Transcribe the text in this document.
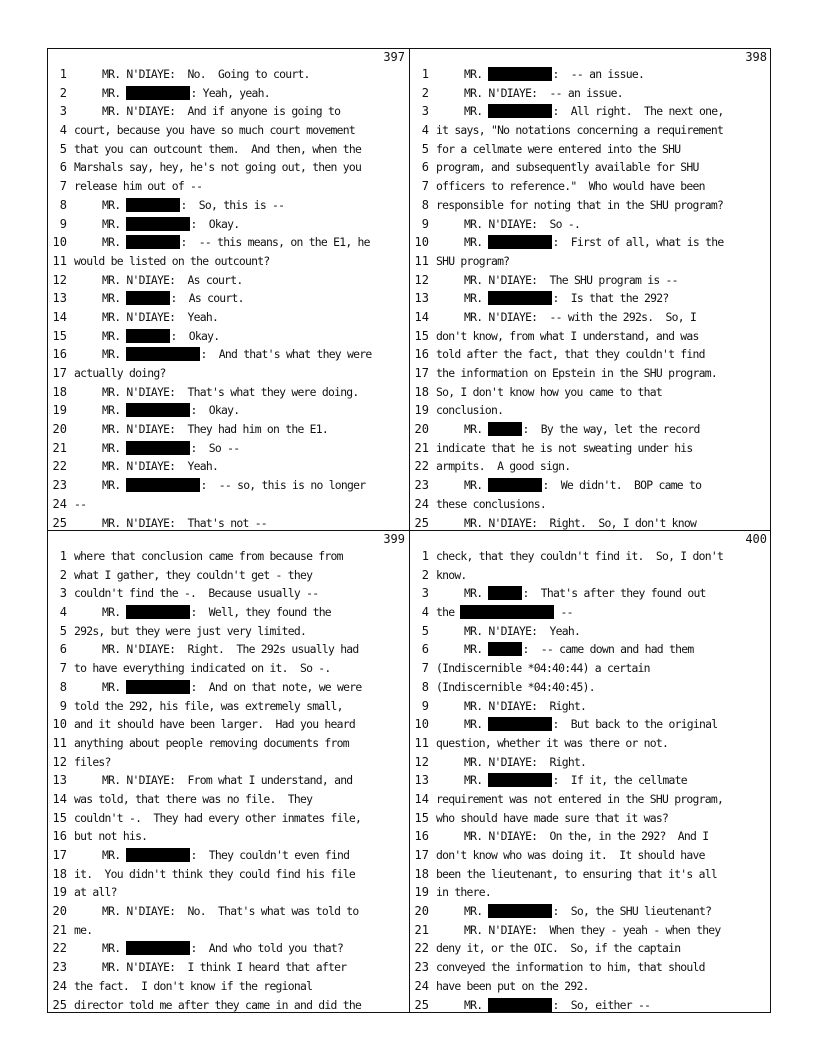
397
1	MR. N'DIAYE:  No.  Going to court.
2	MR.	: Yeah, yeah.
3	MR. N'DIAYE:  And if anyone is going to
4 court, because you have so much court movement
5 that you can outcount them.  And then, when the
6 Marshals say, hey, he's not going out, then you
7 release him out of --
8	MR.	:  So, this is --
9	MR.	:  Okay.
10	MR.	:  -- this means, on the E1, he
11 would be listed on the outcount?
12	MR. N'DIAYE:  As court.
13	MR.	:  As court.
14	MR. N'DIAYE:  Yeah.
15	MR.	:  Okay.
16	MR.	:  And that's what they were
17 actually doing?
18	MR. N'DIAYE:  That's what they were doing.
19	MR.	:  Okay.
20	MR. N'DIAYE:  They had him on the E1.
21	MR.	:  So --
22	MR. N'DIAYE:  Yeah.
23	MR.	:  -- so, this is no longer
24 --
25	MR. N'DIAYE:  That's not --
398
1	MR.	:  -- an issue.
2	MR. N'DIAYE:  -- an issue.
3	MR.	:  All right.  The next one,
4 it says, "No notations concerning a requirement
5 for a cellmate were entered into the SHU
6 program, and subsequently available for SHU
7 officers to reference."  Who would have been
8 responsible for noting that in the SHU program?
9	MR. N'DIAYE:  So -.
10	MR.	:  First of all, what is the
11 SHU program?
12	MR. N'DIAYE:  The SHU program is --
13	MR.	:  Is that the 292?
14	MR. N'DIAYE:  -- with the 292s.  So, I
15 don't know, from what I understand, and was
16 told after the fact, that they couldn't find
17 the information on Epstein in the SHU program.
18 So, I don't know how you came to that
19 conclusion.
20	MR.	:  By the way, let the record
21 indicate that he is not sweating under his
22 armpits.  A good sign.
23	MR.	:  We didn't.  BOP came to
24 these conclusions.
25	MR. N'DIAYE:  Right.  So, I don't know
399
1 where that conclusion came from because from
2 what I gather, they couldn't get - they
3 couldn't find the -.  Because usually --
4	MR.	:  Well, they found the
5 292s, but they were just very limited.
6	MR. N'DIAYE:  Right.  The 292s usually had
7 to have everything indicated on it.  So -.
8	MR.	:  And on that note, we were
9 told the 292, his file, was extremely small,
10 and it should have been larger.  Had you heard
11 anything about people removing documents from
12 files?
13	MR. N'DIAYE:  From what I understand, and
14 was told, that there was no file.  They
15 couldn't -.  They had every other inmates file,
16 but not his.
17	MR.	:  They couldn't even find
18 it.  You didn't think they could find his file
19 at all?
20	MR. N'DIAYE:  No.  That's what was told to
21 me.
22	MR.	:  And who told you that?
23	MR. N'DIAYE:  I think I heard that after
24 the fact.  I don't know if the regional
25 director told me after they came in and did the
400
1 check, that they couldn't find it.  So, I don't
2 know.
3	MR.	:  That's after they found out
4 the	--
5	MR. N'DIAYE:  Yeah.
6	MR.	:  -- came down and had them
7 (Indiscernible *04:40:44) a certain
8 (Indiscernible *04:40:45).
9	MR. N'DIAYE:  Right.
10	MR.	:  But back to the original
11 question, whether it was there or not.
12	MR. N'DIAYE:  Right.
13	MR.	:  If it, the cellmate
14 requirement was not entered in the SHU program,
15 who should have made sure that it was?
16	MR. N'DIAYE:  On the, in the 292?  And I
17 don't know who was doing it.  It should have
18 been the lieutenant, to ensuring that it's all
19 in there.
20	MR.	:  So, the SHU lieutenant?
21	MR. N'DIAYE:  When they - yeah - when they
22 deny it, or the OIC.  So, if the captain
23 conveyed the information to him, that should
24 have been put on the 292.
25	MR.	:  So, either --
